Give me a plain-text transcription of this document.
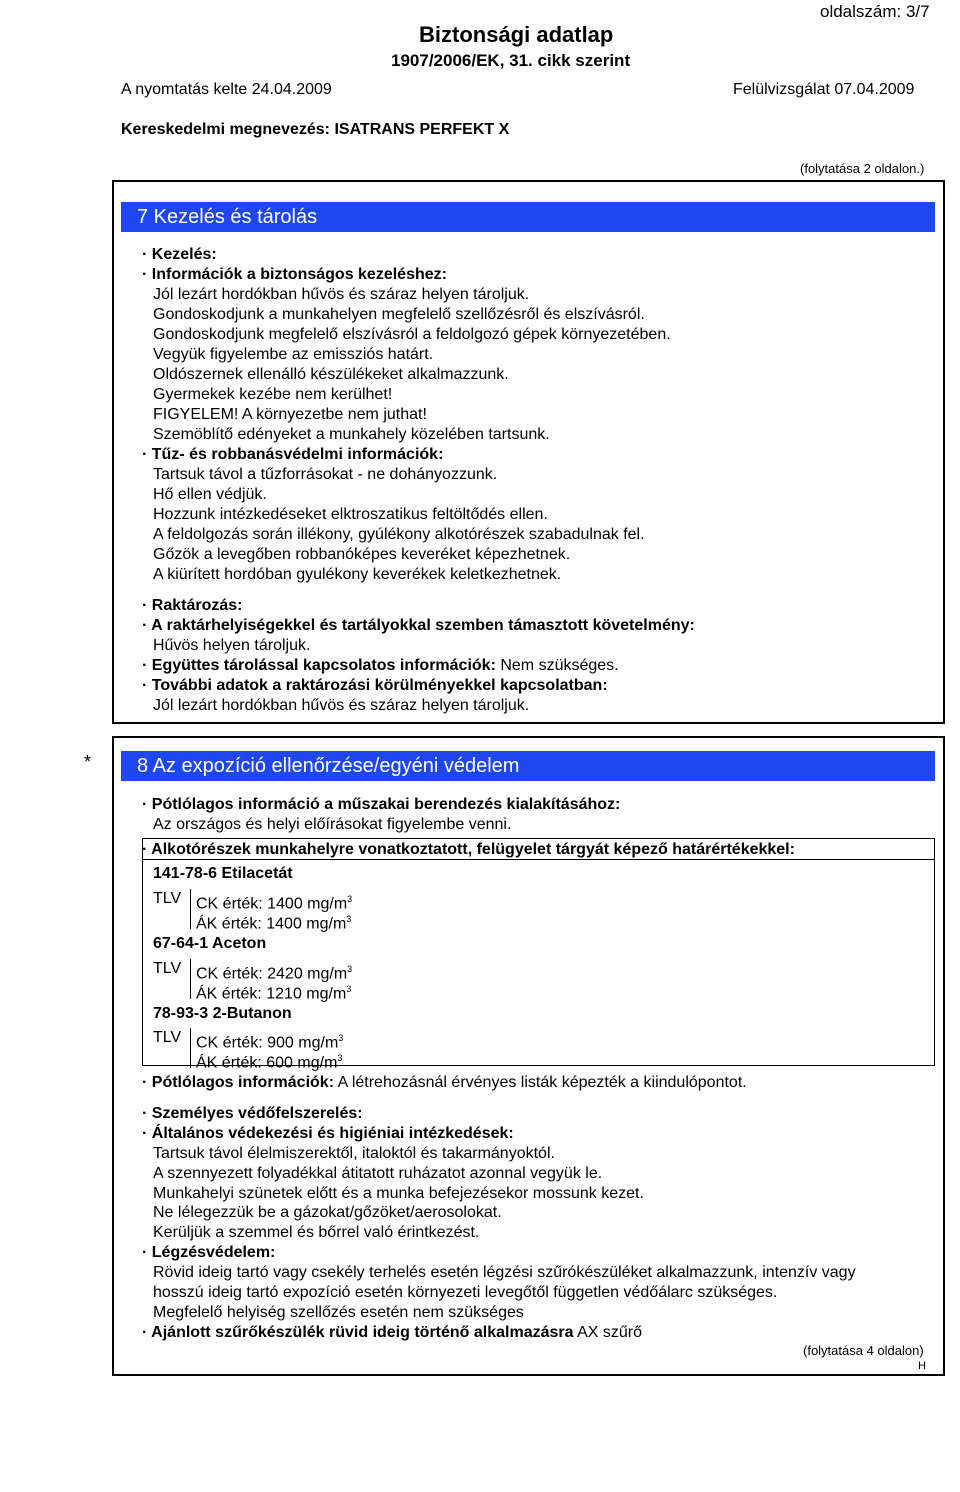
oldalszám: 3/7
Biztonsági adatlap
1907/2006/EK, 31. cikk szerint
A nyomtatás kelte 24.04.2009	Felülvizsgálat 07.04.2009
Kereskedelmi megnevezés: ISATRANS PERFEKT X
(folytatása 2 oldalon.)
7 Kezelés és tárolás
· Kezelés:
· Információk a biztonságos kezeléshez:
Jól lezárt hordókban hűvös és száraz helyen tároljuk.
Gondoskodjunk a munkahelyen megfelelő szellőzésről és elszívásról.
Gondoskodjunk megfelelő elszívásról a feldolgozó gépek környezetében.
Vegyük figyelembe az emissziós határt.
Oldószernek ellenálló készülékeket alkalmazzunk.
Gyermekek kezébe nem kerülhet!
FIGYELEM! A környezetbe nem juthat!
Szemöblítő edényeket a munkahely közelében tartsunk.
· Tűz- és robbanásvédelmi információk:
Tartsuk távol a tűzforrásokat - ne dohányozzunk.
Hő ellen védjük.
Hozzunk intézkedéseket elktroszatikus feltöltődés ellen.
A feldolgozás során illékony, gyúlékony alkotórészek szabadulnak fel.
Gőzök a levegőben robbanóképes keveréket képezhetnek.
A kiürített hordóban gyulékony keverékek keletkezhetnek.
· Raktározás:
· A raktárhelyiségekkel és tartályokkal szemben támasztott követelmény:
Hűvös helyen tároljuk.
· Együttes tárolással kapcsolatos információk: Nem szükséges.
· További adatok a raktározási körülményekkel kapcsolatban:
Jól lezárt hordókban hűvös és száraz helyen tároljuk.
*	8 Az expozíció ellenőrzése/egyéni védelem
· Pótlólagos információ a műszakai berendezés kialakításához:
Az országos és helyi előírásokat figyelembe venni.
· Alkotórészek munkahelyre vonatkoztatott, felügyelet tárgyát képező határértékekkel:
141-78-6 Etilacetát
TLV CK érték: 1400 $mg/m^3$
ÁK érték: 1400 $mg/m^3$
67-64-1 Aceton
TLV CK érték: 2420 $mg/m^3$
ÁK érték: 1210 $mg/m^3$
78-93-3 2-Butanon
TLV CK érték: 900 $mg/m^3$
ÁK érték: 600 $mg/m^3$
· Pótlólagos információk: A létrehozásnál érvényes listák képezték a kiindulópontot.
· Személyes védőfelszerelés:
· Általános védekezési és higiéniai intézkedések:
Tartsuk távol élelmiszerektől, italoktól és takarmányoktól.
A szennyezett folyadékkal átitatott ruházatot azonnal vegyük le.
Munkahelyi szünetek előtt és a munka befejezésekor mossunk kezet.
Ne lélegezzük be a gázokat/gőzöket/aerosolokat.
Kerüljük a szemmel és bőrrel való érintkezést.
· Légzésvédelem:
Rövid ideig tartó vagy csekély terhelés esetén légzési szűrókészüléket alkalmazzunk, intenzív vagy
hosszú ideig tartó expozíció esetén környezeti levegőtől független védőálarc szükséges.
Megfelelő helyiség szellőzés esetén nem szükséges
· Ajánlott szűrőkészülék rüvid ideig történő alkalmazásra AX szűrő
(folytatása 4 oldalon)
H
